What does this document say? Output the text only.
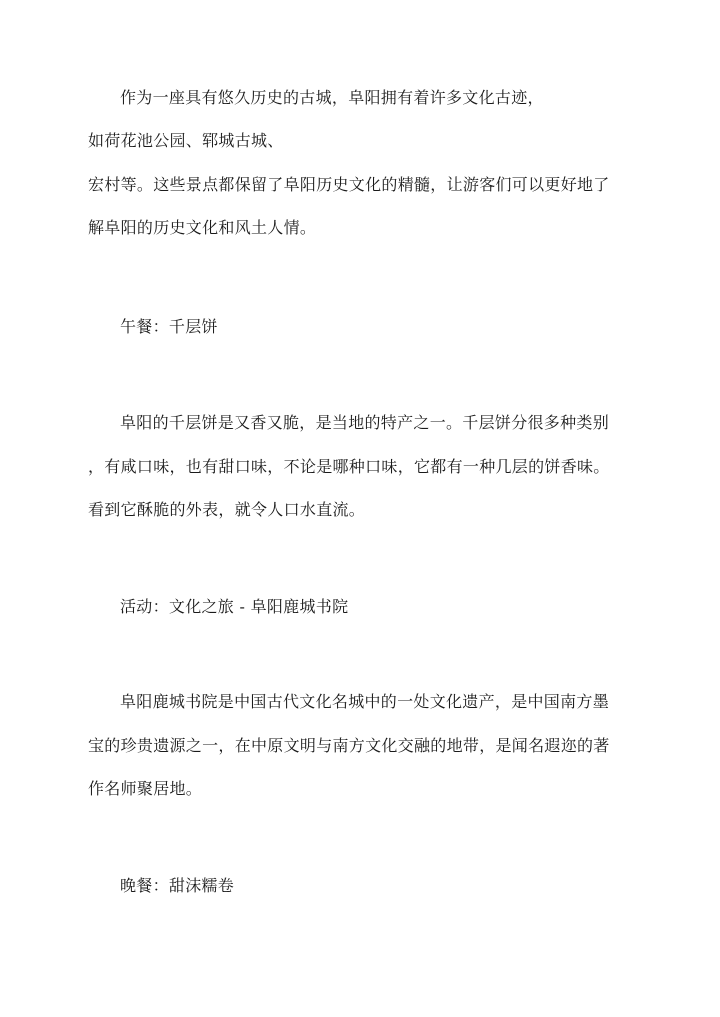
作为一座具有悠久历史的古城，阜阳拥有着许多文化古迹，
如荷花池公园、郓城古城、
宏村等。这些景点都保留了阜阳历史文化的精髓，让游客们可以更好地了
解阜阳的历史文化和风土人情。
午餐：千层饼
阜阳的千层饼是又香又脆，是当地的特产之一。千层饼分很多种类别
，有咸口味，也有甜口味，不论是哪种口味，它都有一种几层的饼香味。
看到它酥脆的外表，就令人口水直流。
活动：文化之旅 - 阜阳鹿城书院
阜阳鹿城书院是中国古代文化名城中的一处文化遗产，是中国南方墨
宝的珍贵遗源之一，在中原文明与南方文化交融的地带，是闻名遐迩的著
作名师聚居地。
晚餐：甜沫糯卷
